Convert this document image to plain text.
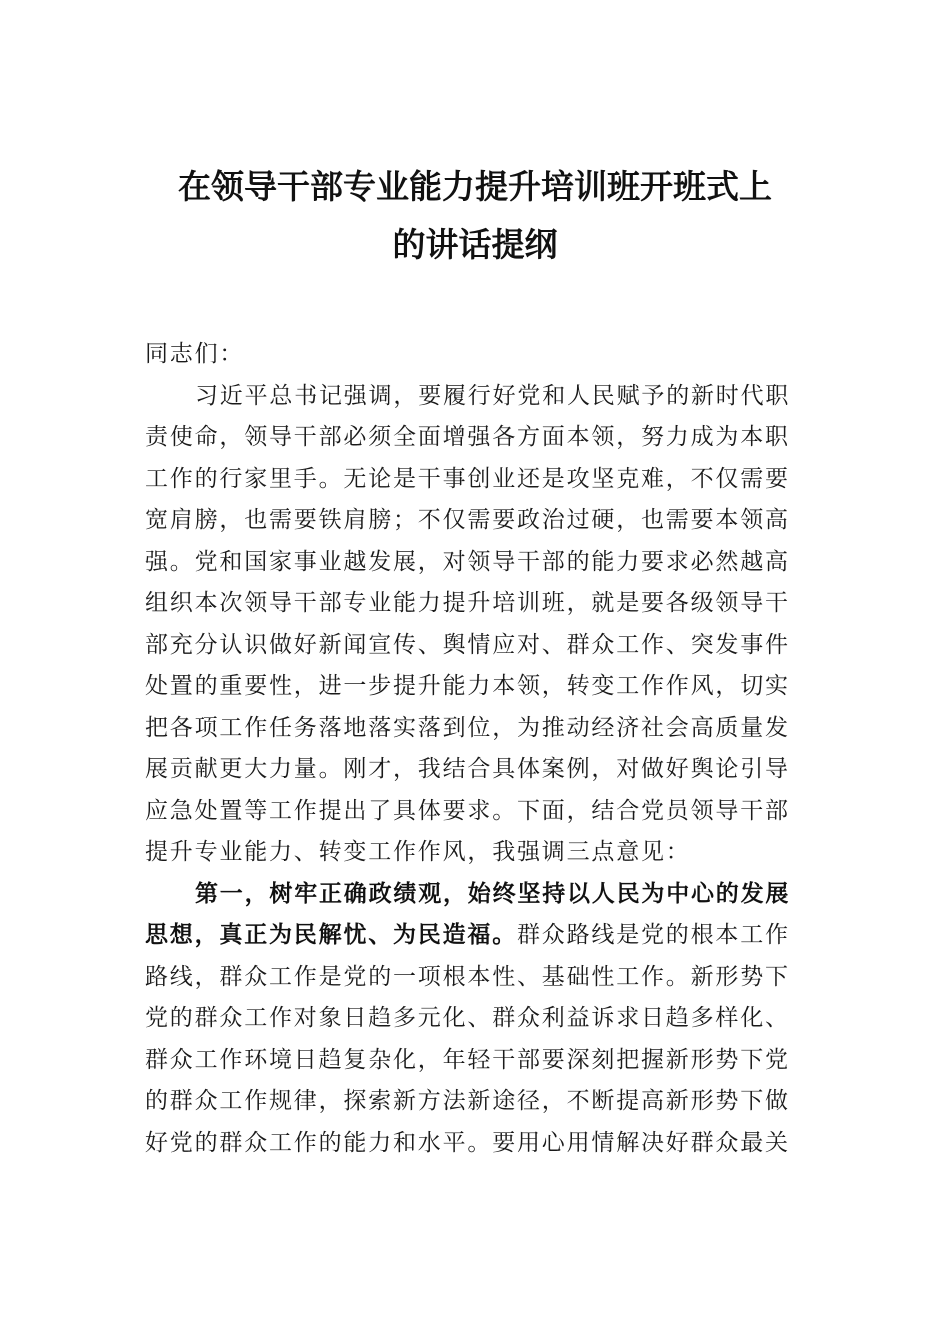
在领导干部专业能力提升培训班开班式上
的讲话提纲
同志们：
习近平总书记强调，要履行好党和人民赋予的新时代职
责使命，领导干部必须全面增强各方面本领，努力成为本职
工作的行家里手。无论是干事创业还是攻坚克难，不仅需要
宽肩膀，也需要铁肩膀；不仅需要政治过硬，也需要本领高
强。党和国家事业越发展，对领导干部的能力要求必然越高
组织本次领导干部专业能力提升培训班，就是要各级领导干
部充分认识做好新闻宣传、舆情应对、群众工作、突发事件
处置的重要性，进一步提升能力本领，转变工作作风，切实
把各项工作任务落地落实落到位，为推动经济社会高质量发
展贡献更大力量。刚才，我结合具体案例，对做好舆论引导
应急处置等工作提出了具体要求。下面，结合党员领导干部
提升专业能力、转变工作作风，我强调三点意见：
第一，树牢正确政绩观，始终坚持以人民为中心的发展
思想，真正为民解忧、为民造福。群众路线是党的根本工作
路线，群众工作是党的一项根本性、基础性工作。新形势下
党的群众工作对象日趋多元化、群众利益诉求日趋多样化、
群众工作环境日趋复杂化，年轻干部要深刻把握新形势下党
的群众工作规律，探索新方法新途径，不断提高新形势下做
好党的群众工作的能力和水平。要用心用情解决好群众最关
